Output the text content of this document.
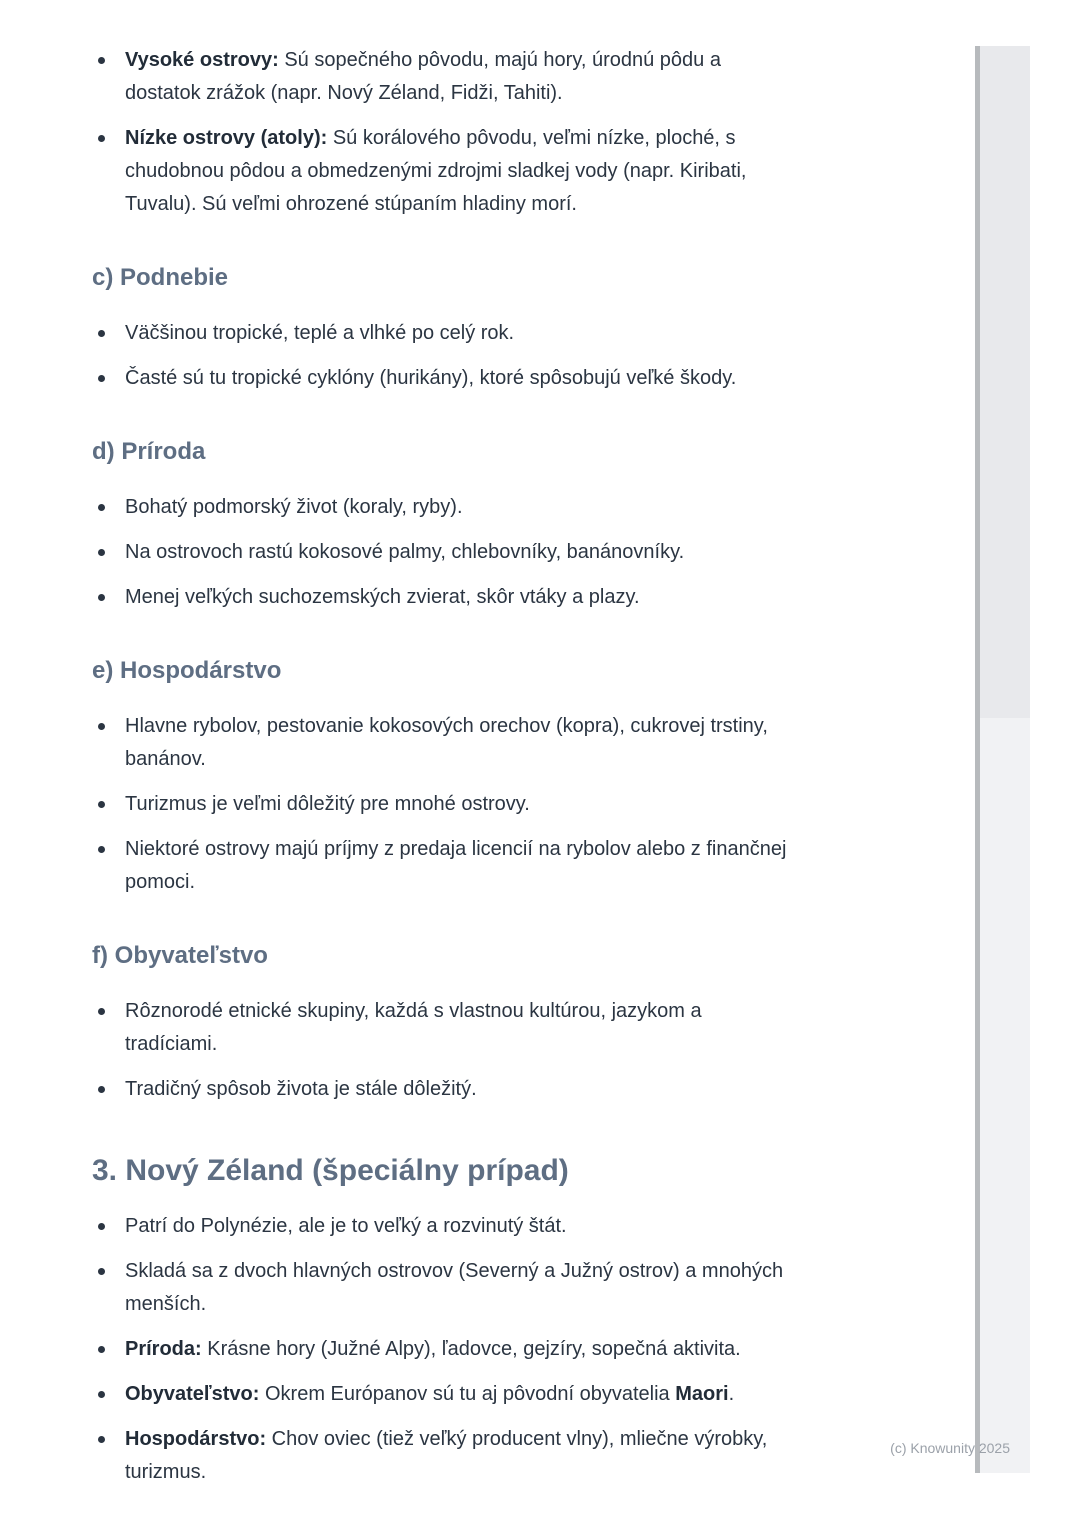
Vysoké ostrovy: Sú sopečného pôvodu, majú hory, úrodnú pôdu a dostatok zrážok (napr. Nový Zéland, Fidži, Tahiti).
Nízke ostrovy (atoly): Sú korálového pôvodu, veľmi nízke, ploché, s chudobnou pôdou a obmedzenými zdrojmi sladkej vody (napr. Kiribati, Tuvalu). Sú veľmi ohrozené stúpaním hladiny morí.
c) Podnebie
Väčšinou tropické, teplé a vlhké po celý rok.
Časté sú tu tropické cyklóny (hurikány), ktoré spôsobujú veľké škody.
d) Príroda
Bohatý podmorský život (koraly, ryby).
Na ostrovoch rastú kokosové palmy, chlebovníky, banánovníky.
Menej veľkých suchozemských zvierat, skôr vtáky a plazy.
e) Hospodárstvo
Hlavne rybolov, pestovanie kokosových orechov (kopra), cukrovej trstiny, banánov.
Turizmus je veľmi dôležitý pre mnohé ostrovy.
Niektoré ostrovy majú príjmy z predaja licencií na rybolov alebo z finančnej pomoci.
f) Obyvateľstvo
Rôznorodé etnické skupiny, každá s vlastnou kultúrou, jazykom a tradíciami.
Tradičný spôsob života je stále dôležitý.
3. Nový Zéland (špeciálny prípad)
Patrí do Polynézie, ale je to veľký a rozvinutý štát.
Skladá sa z dvoch hlavných ostrovov (Severný a Južný ostrov) a mnohých menších.
Príroda: Krásne hory (Južné Alpy), ľadovce, gejzíry, sopečná aktivita.
Obyvateľstvo: Okrem Európanov sú tu aj pôvodní obyvatelia Maori.
Hospodárstvo: Chov oviec (tiež veľký producent vlny), mliečne výrobky, turizmus.
(c) Knowunity 2025
